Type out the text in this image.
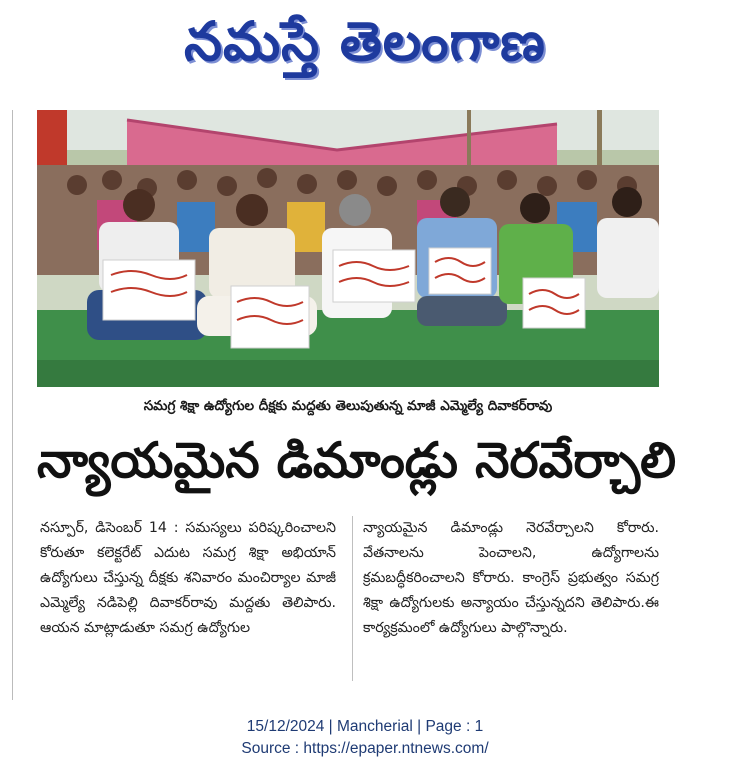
నమస్తే తెలంగాణ
సమగ్ర శిక్షా ఉద్యోగుల దీక్షకు మద్దతు తెలుపుతున్న మాజీ ఎమ్మెల్యే దివాకర్‌రావు
న్యాయమైన డిమాండ్లు నెరవేర్చాలి

నస్పూర్, డిసెంబర్ 14 : సమస్యలు పరిష్కరించాలని కోరుతూ కలెక్టరేట్ ఎదుట సమగ్ర శిక్షా అభియాన్ ఉద్యోగులు చేస్తున్న దీక్షకు శనివారం మంచిర్యాల మాజీ ఎమ్మెల్యే నడిపెల్లి దివాకర్‌రావు మద్దతు తెలిపారు. ఆయన మాట్లాడుతూ సమగ్ర ఉద్యోగుల

న్యాయమైన డిమాండ్లు నెరవేర్చాలని కోరారు. వేతనాలను పెంచాలని, ఉద్యోగాలను క్రమబద్ధీకరించాలని కోరారు. కాంగ్రెస్ ప్రభుత్వం సమగ్ర శిక్షా ఉద్యోగులకు అన్యాయం చేస్తున్నదని తెలిపారు.ఈ కార్యక్రమంలో ఉద్యోగులు పాల్గొన్నారు.

15/12/2024 | Mancherial | Page : 1
Source : https://epaper.ntnews.com/
